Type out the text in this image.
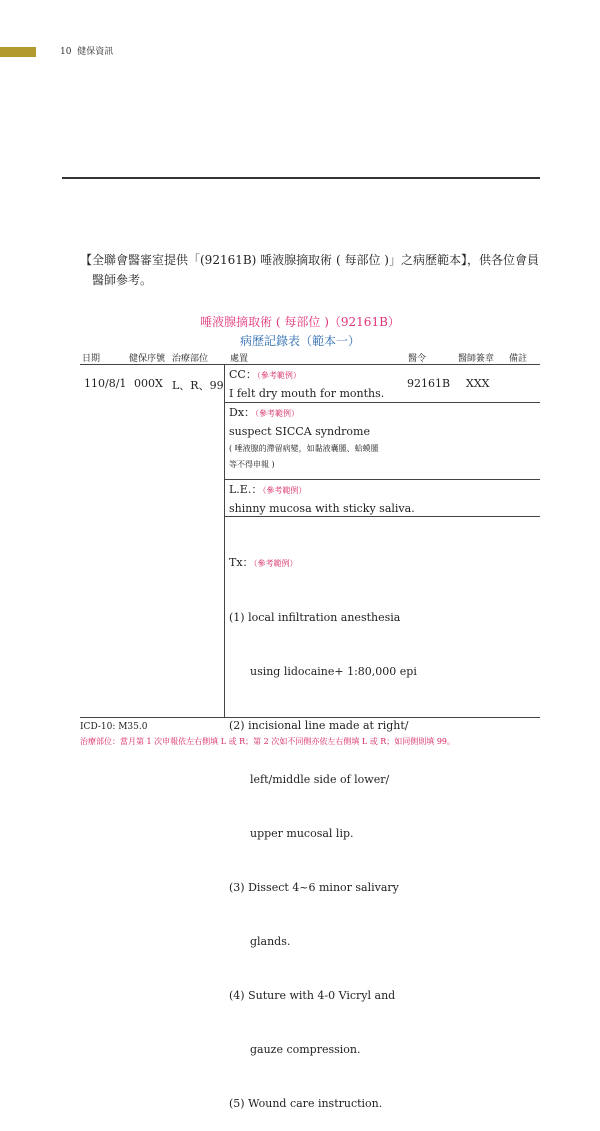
10 健保資訊
【全聯會醫審室提供「(92161B) 唾液腺摘取術 ( 每部位 )」之病歷範本】，供各位會員
醫師參考。
唾液腺摘取術 ( 每部位 )（92161B）
病歷記錄表（範本一）
日期	健保序號 治療部位 處置	醫令	醫師簽章 備註
110/8/1 000X L、R、99	92161B XXX
CC：（參考範例）
I felt dry mouth for months.
Dx：（參考範例）
suspect SICCA syndrome
( 唾液腺的滯留病變，如黏液囊腫、蛤蟆腫
等不得申報 )
L.E.：（參考範例）
shinny mucosa with sticky saliva.

Tx：（參考範例）

(1) local infiltration anesthesia

using lidocaine+ 1:80,000 epi

(2) incisional line made at right/

left/middle side of lower/

upper mucosal lip.

(3) Dissect 4~6 minor salivary

glands.

(4) Suture with 4-0 Vicryl and

gauze compression.

(5) Wound care instruction.

ICD-10: M35.0
治療部位：當月第 1 次申報依左右側填 L 或 R；第 2 次如不同側亦依左右側填 L 或 R；如同側則填 99。
